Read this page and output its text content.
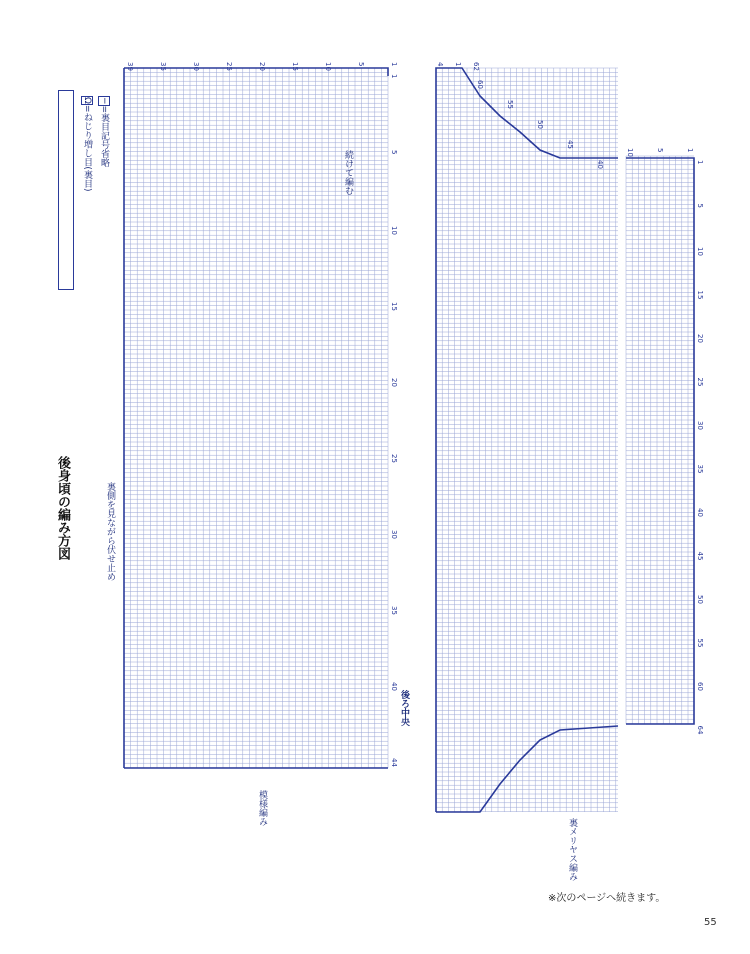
39	35	30	25	20	15	10	5	1
1
5
10
15
20
25
30
35
40
44
4 1 62
60
55
50
45
40
10	5	1
1
5
10
15
20
25
30
35
40
45
50
55
60
64
Ω=ねじり増し目(裏目)
−=裏目記号省略
後身頃の編み方図	裏側を見ながら伏せ止め
続けて編む
後ろ中央
模様編み
裏メリヤス編み
※次のページへ続きます。
55
